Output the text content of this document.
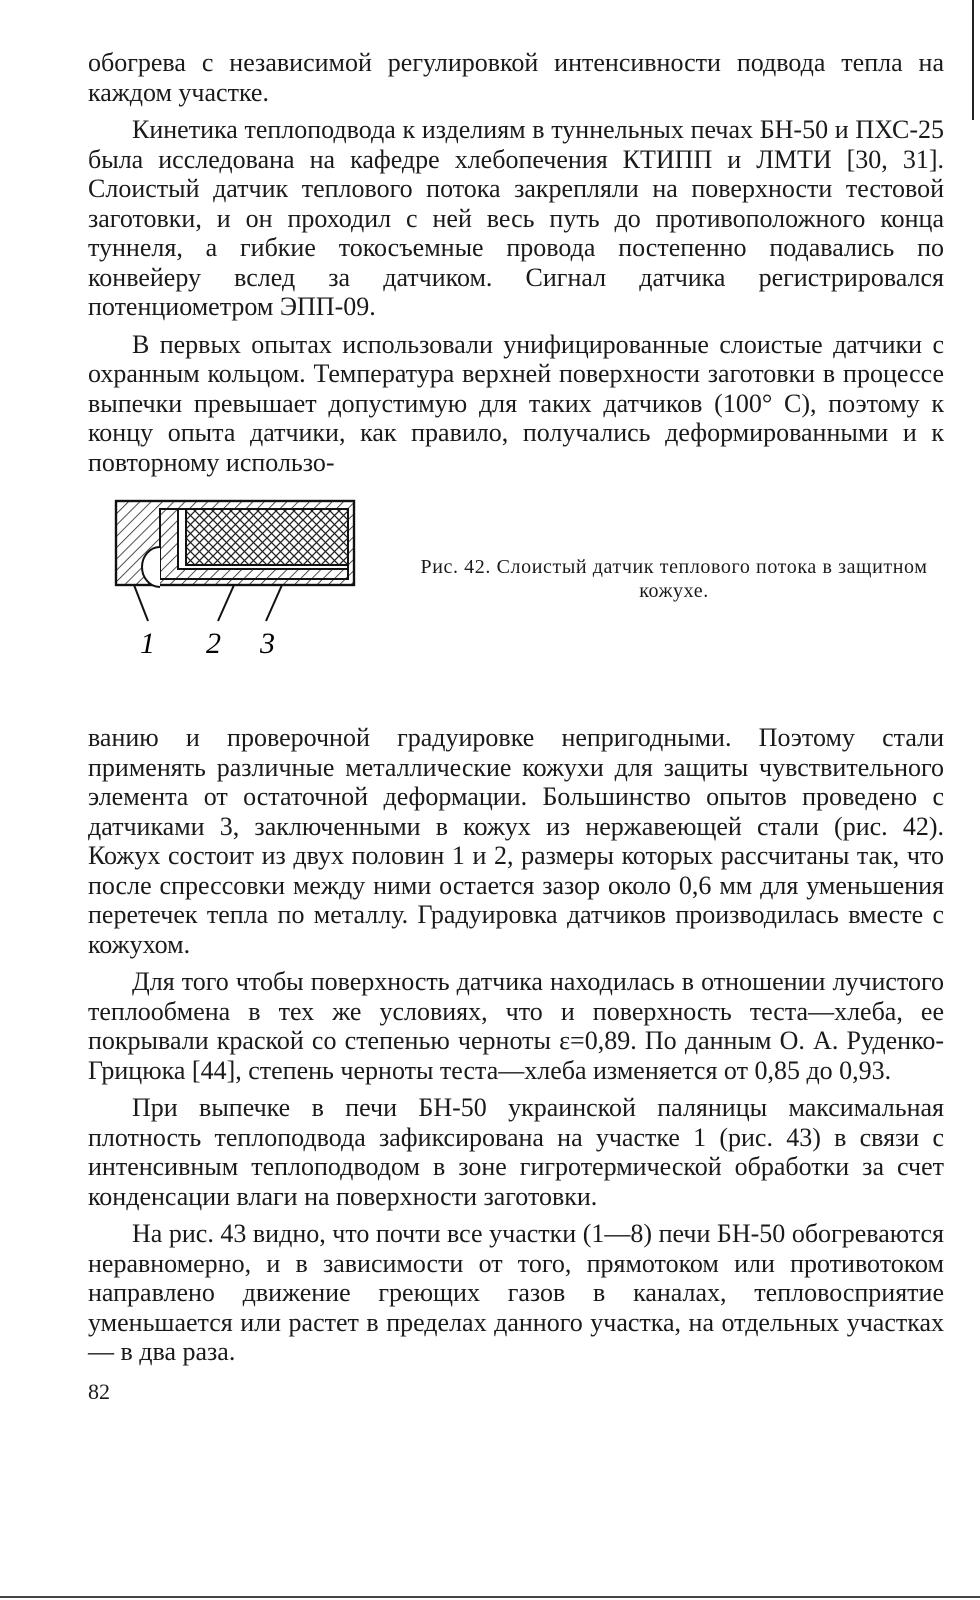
обогрева с независимой регулировкой интенсивности подвода тепла на каждом участке.

Кинетика теплоподвода к изделиям в туннельных печах БН-50 и ПХС-25 была исследована на кафедре хлебопечения КТИПП и ЛМТИ [30, 31]. Слоистый датчик теплового потока закрепляли на поверхности тестовой заготовки, и он проходил с ней весь путь до противоположного конца туннеля, а гибкие токосъемные провода постепенно подавались по конвейеру вслед за датчиком. Сигнал датчика регистрировался потенциометром ЭПП-09.

В первых опытах использовали унифицированные слоистые датчики с охранным кольцом. Температура верхней поверхности заготовки в процессе выпечки превышает допустимую для таких датчиков (100° С), поэтому к концу опыта датчики, как правило, получались деформированными и к повторному использо-

1 2 3
Рис. 42. Слоистый датчик теплового потока в защитном кожухе.

ванию и проверочной градуировке непригодными. Поэтому стали применять различные металлические кожухи для защиты чувствительного элемента от остаточной деформации. Большинство опытов проведено с датчиками 3, заключенными в кожух из нержавеющей стали (рис. 42). Кожух состоит из двух половин 1 и 2, размеры которых рассчитаны так, что после спрессовки между ними остается зазор около 0,6 мм для уменьшения перетечек тепла по металлу. Градуировка датчиков производилась вместе с кожухом.

Для того чтобы поверхность датчика находилась в отношении лучистого теплообмена в тех же условиях, что и поверхность теста—хлеба, ее покрывали краской со степенью черноты ε=0,89. По данным О. А. Руденко-Грицюка [44], степень черноты теста—хлеба изменяется от 0,85 до 0,93.

При выпечке в печи БН-50 украинской паляницы максимальная плотность теплоподвода зафиксирована на участке 1 (рис. 43) в связи с интенсивным теплоподводом в зоне гигротермической обработки за счет конденсации влаги на поверхности заготовки.

На рис. 43 видно, что почти все участки (1—8) печи БН-50 обогреваются неравномерно, и в зависимости от того, прямотоком или противотоком направлено движение греющих газов в каналах, тепловосприятие уменьшается или растет в пределах данного участка, на отдельных участках — в два раза.

82
